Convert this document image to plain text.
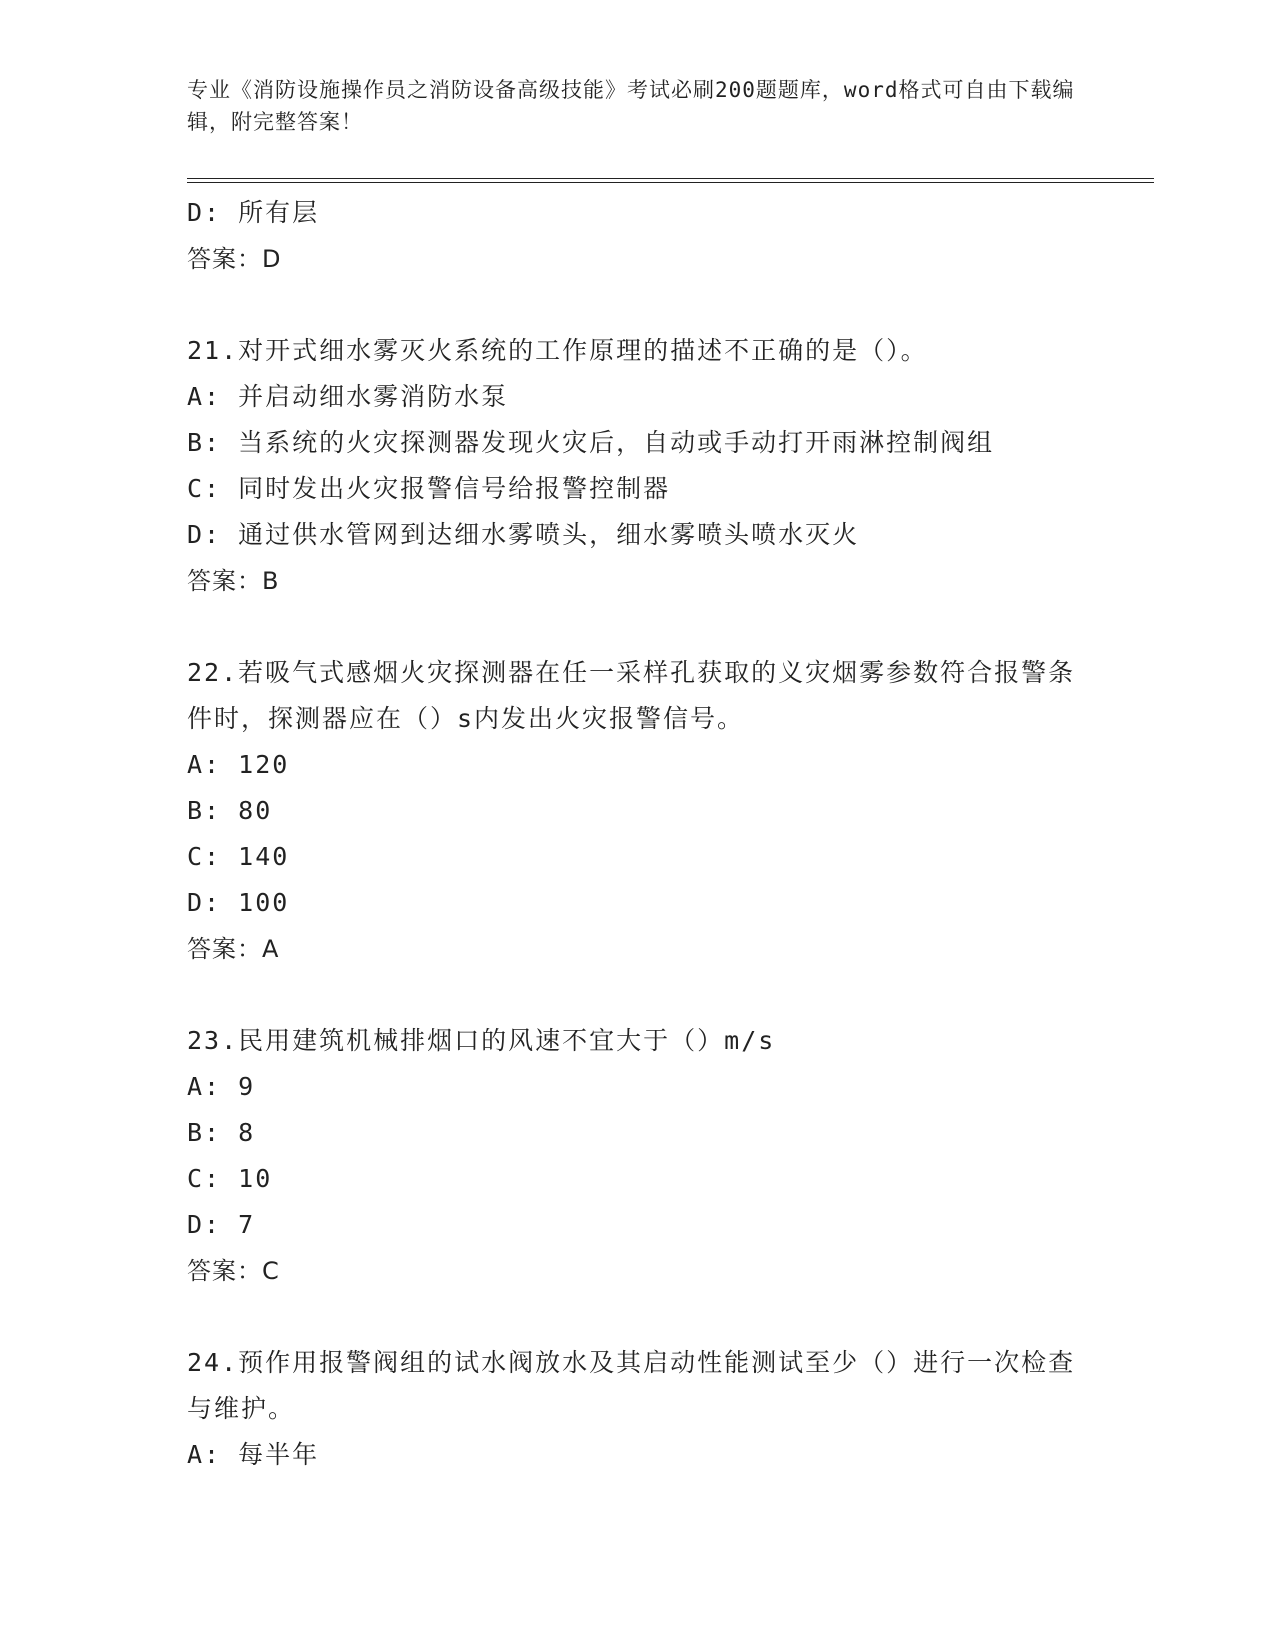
专业《消防设施操作员之消防设备高级技能》考试必刷200题题库，word格式可自由下载编辑，附完整答案！
D: 所有层
答案：D
21.对开式细水雾灭火系统的工作原理的描述不正确的是（）。
A: 并启动细水雾消防水泵
B: 当系统的火灾探测器发现火灾后，自动或手动打开雨淋控制阀组
C: 同时发出火灾报警信号给报警控制器
D: 通过供水管网到达细水雾喷头，细水雾喷头喷水灭火
答案：B
22.若吸气式感烟火灾探测器在任一采样孔获取的义灾烟雾参数符合报警条件时，探测器应在（）s内发出火灾报警信号。
A: 120
B: 80
C: 140
D: 100
答案：A
23.民用建筑机械排烟口的风速不宜大于（）m/s
A: 9
B: 8
C: 10
D: 7
答案：C
24.预作用报警阀组的试水阀放水及其启动性能测试至少（）进行一次检查与维护。
A: 每半年
